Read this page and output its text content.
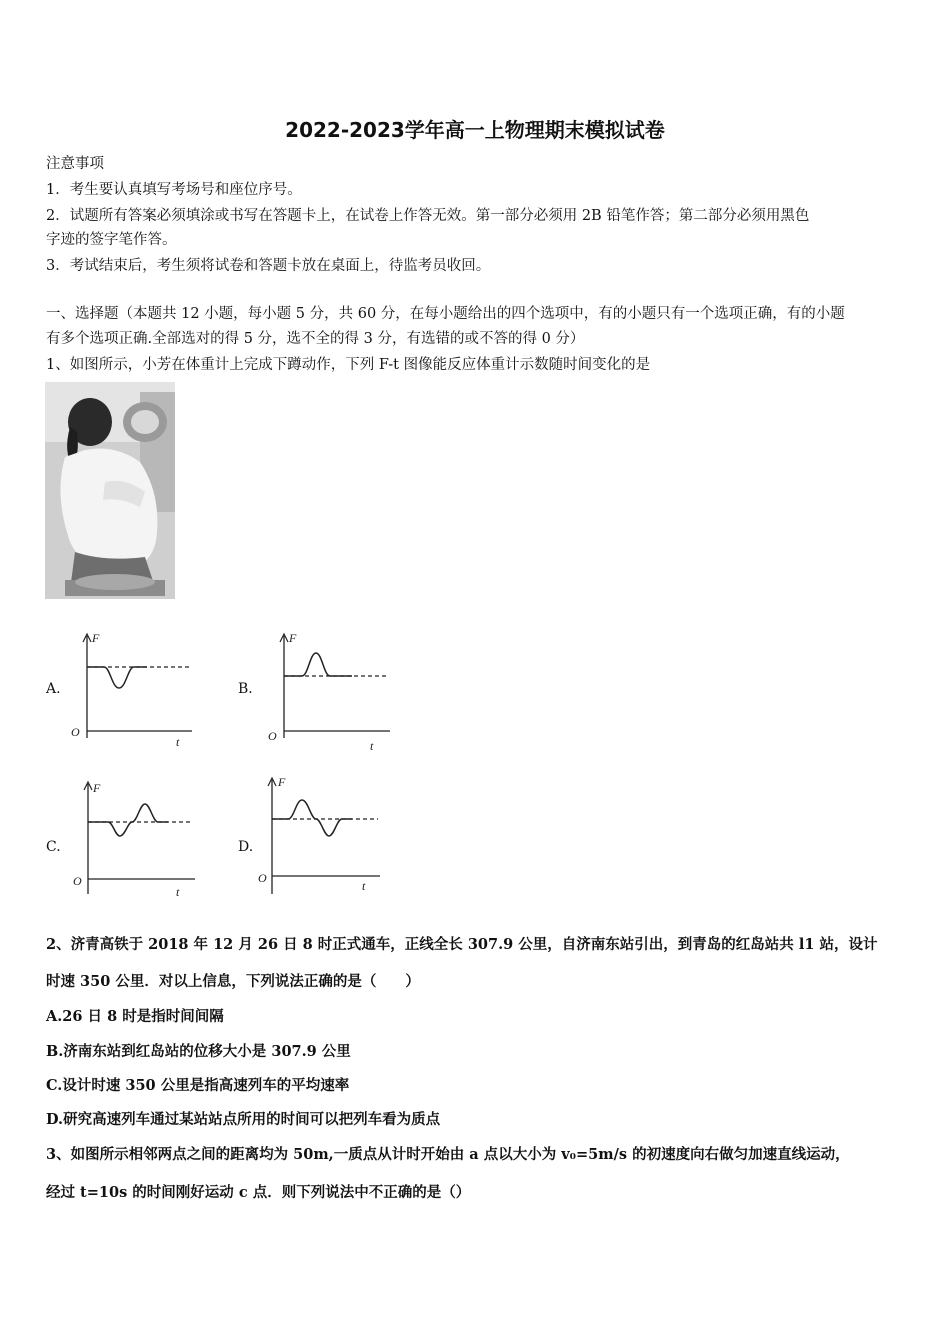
2022-2023学年高一上物理期末模拟试卷
注意事项
1．考生要认真填写考场号和座位序号。
2．试题所有答案必须填涂或书写在答题卡上，在试卷上作答无效。第一部分必须用 2B 铅笔作答；第二部分必须用黑色
字迹的签字笔作答。
3．考试结束后，考生须将试卷和答题卡放在桌面上，待监考员收回。
一、选择题（本题共 12 小题，每小题 5 分，共 60 分，在每小题给出的四个选项中，有的小题只有一个选项正确，有的小题
有多个选项正确.全部选对的得 5 分，选不全的得 3 分，有选错的或不答的得 0 分）
1、如图所示，小芳在体重计上完成下蹲动作，下列 F-t 图像能反应体重计示数随时间变化的是
A.
F
O
t
B.
F
O
t
C.
F
O
t
D.
F
O
t
2、济青高铁于 2018 年 12 月 26 日 8 时正式通车，正线全长 307.9 公里，自济南东站引出，到青岛的红岛站共 l1 站，设计
时速 350 公里．对以上信息，下列说法正确的是（　　）
A.26 日 8 时是指时间间隔
B.济南东站到红岛站的位移大小是 307.9 公里
C.设计时速 350 公里是指高速列车的平均速率
D.研究高速列车通过某站站点所用的时间可以把列车看为质点
3、如图所示相邻两点之间的距离均为 50m,一质点从计时开始由 a 点以大小为 v₀=5m/s 的初速度向右做匀加速直线运动，
经过 t=10s 的时间刚好运动 c 点．则下列说法中不正确的是（）
